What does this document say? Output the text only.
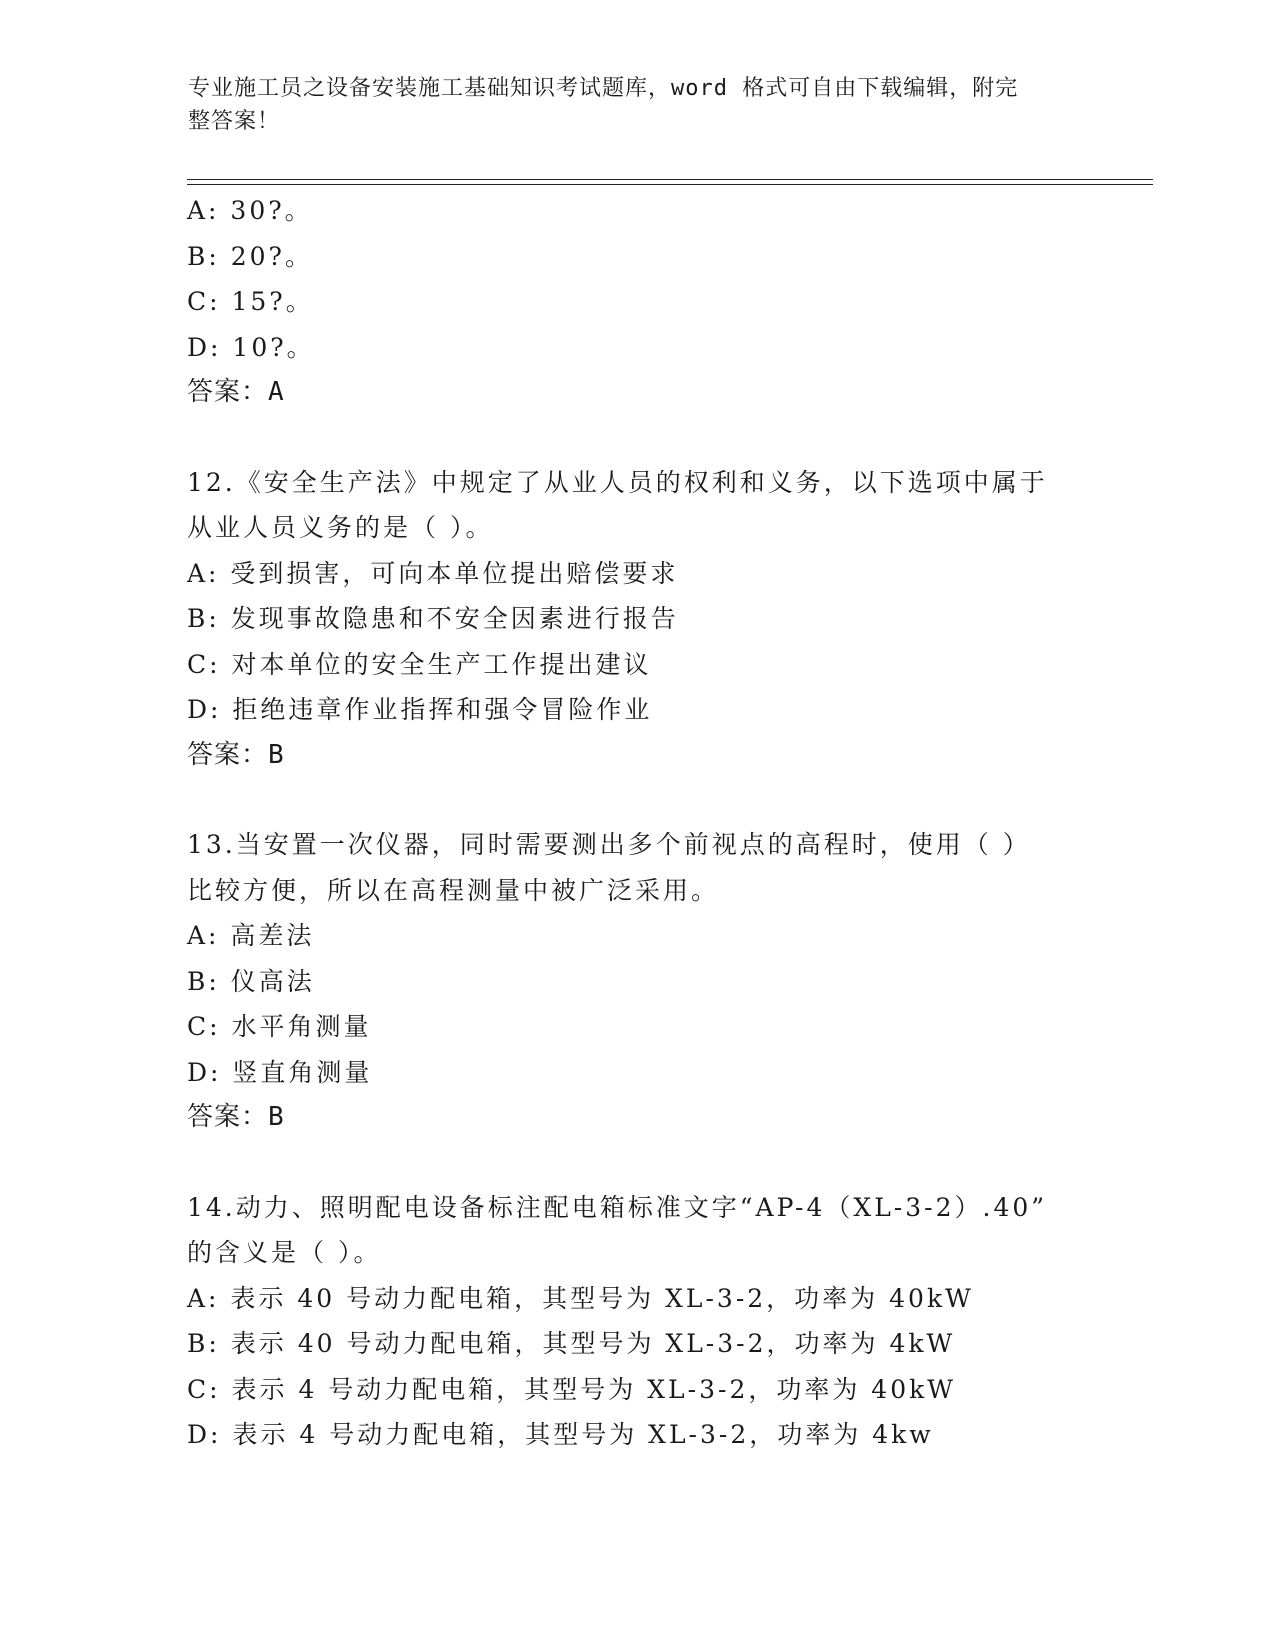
专业施工员之设备安装施工基础知识考试题库，word 格式可自由下载编辑，附完
整答案！
A: 30?。
B: 20?。
C: 15?。
D: 10?。
答案：A
12.《安全生产法》中规定了从业人员的权利和义务，以下选项中属于
从业人员义务的是（ ）。
A: 受到损害，可向本单位提出赔偿要求
B: 发现事故隐患和不安全因素进行报告
C: 对本单位的安全生产工作提出建议
D: 拒绝违章作业指挥和强令冒险作业
答案：B
13.当安置一次仪器，同时需要测出多个前视点的高程时，使用（ ）
比较方便，所以在高程测量中被广泛采用。
A: 高差法
B: 仪高法
C: 水平角测量
D: 竖直角测量
答案：B
14.动力、照明配电设备标注配电箱标准文字“AP-4（XL-3-2）.40”
的含义是（ ）。
A: 表示 40 号动力配电箱，其型号为 XL-3-2，功率为 40kW
B: 表示 40 号动力配电箱，其型号为 XL-3-2，功率为 4kW
C: 表示 4 号动力配电箱，其型号为 XL-3-2，功率为 40kW
D: 表示 4 号动力配电箱，其型号为 XL-3-2，功率为 4kw
